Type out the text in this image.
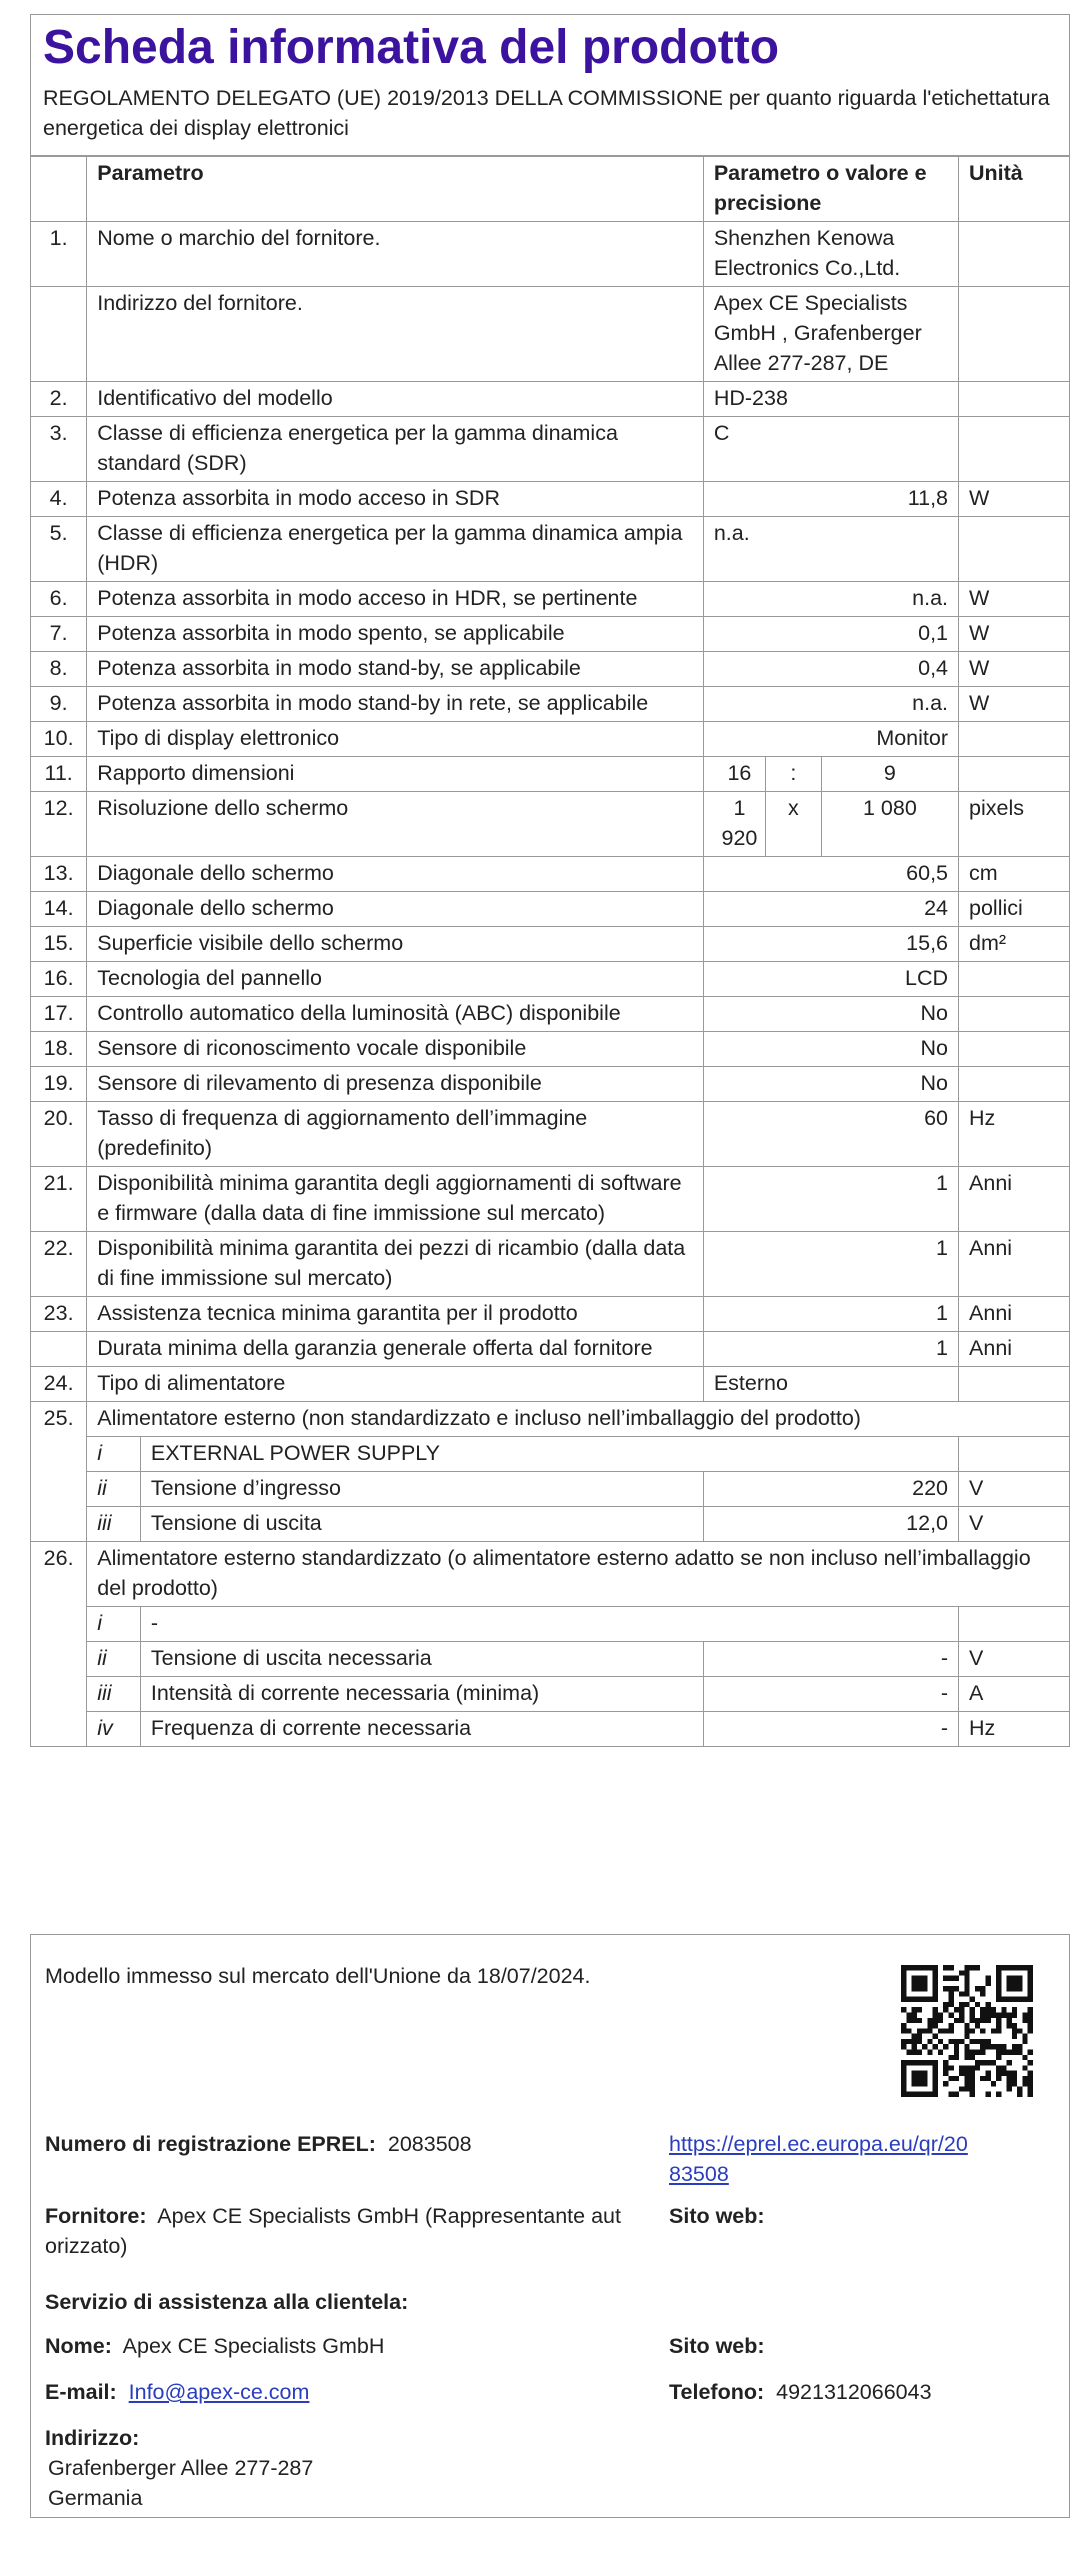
Scheda informativa del prodotto
REGOLAMENTO DELEGATO (UE) 2019/2013 DELLA COMMISSIONE per quanto riguarda l'etichettatura energetica dei display elettronici
	Parametro		Parametro o valore e precisione			Unità
1.	Nome o marchio del fornitore.		Shenzhen Kenowa Electronics Co.,Ltd.			
	Indirizzo del fornitore.		Apex CE Specialists GmbH , Grafenberger Allee 277-287, DE			
2.	Identificativo del modello		HD-238			
3.	Classe di efficienza energetica per la gamma dinamica standard (SDR)		C			
4.	Potenza assorbita in modo acceso in SDR		11,8			W
5.	Classe di efficienza energetica per la gamma dinamica ampia (HDR)		n.a.			
6.	Potenza assorbita in modo acceso in HDR, se pertinente		n.a.			W
7.	Potenza assorbita in modo spento, se applicabile		0,1			W
8.	Potenza assorbita in modo stand-by, se applicabile		0,4			W
9.	Potenza assorbita in modo stand-by in rete, se applicabile		n.a.			W
10.	Tipo di display elettronico		Monitor			
11.	Rapporto dimensioni		16	:	9	
12.	Risoluzione dello schermo		1 920	x	1 080	pixels
13.	Diagonale dello schermo		60,5			cm
14.	Diagonale dello schermo		24			pollici
15.	Superficie visibile dello schermo		15,6			dm²
16.	Tecnologia del pannello		LCD			
17.	Controllo automatico della luminosità (ABC) disponibile		No			
18.	Sensore di riconoscimento vocale disponibile		No			
19.	Sensore di rilevamento di presenza disponibile		No			
20.	Tasso di frequenza di aggiornamento dell’immagine (predefinito)		60			Hz
21.	Disponibilità minima garantita degli aggiornamenti di software e firmware (dalla data di fine immissione sul mercato)		1			Anni
22.	Disponibilità minima garantita dei pezzi di ricambio (dalla data di fine immissione sul mercato)		1			Anni
23.	Assistenza tecnica minima garantita per il prodotto		1			Anni
	Durata minima della garanzia generale offerta dal fornitore		1			Anni
24.	Tipo di alimentatore		Esterno			
25.	Alimentatore esterno (non standardizzato e incluso nell’imballaggio del prodotto)					
	i	EXTERNAL POWER SUPPLY				
	ii	Tensione d’ingresso	220			V
	iii	Tensione di uscita	12,0			V
26.	Alimentatore esterno standardizzato (o alimentatore esterno adatto se non incluso nell’imballaggio del prodotto)					
	i	-				
	ii	Tensione di uscita necessaria	-			V
	iii	Intensità di corrente necessaria (minima)	-			A
	iv	Frequenza di corrente necessaria	-			Hz
Modello immesso sul mercato dell'Unione da 18/07/2024.
Numero di registrazione EPREL: 2083508	https://eprel.ec.europa.eu/qr/20
83508
Fornitore: Apex CE Specialists GmbH (Rappresentante aut
orizzato)
Sito web:
Servizio di assistenza alla clientela:
Nome: Apex CE Specialists GmbH	Sito web:
E-mail: Info@apex-ce.com	Telefono: 4921312066043
Indirizzo:
Grafenberger Allee 277-287
Germania
